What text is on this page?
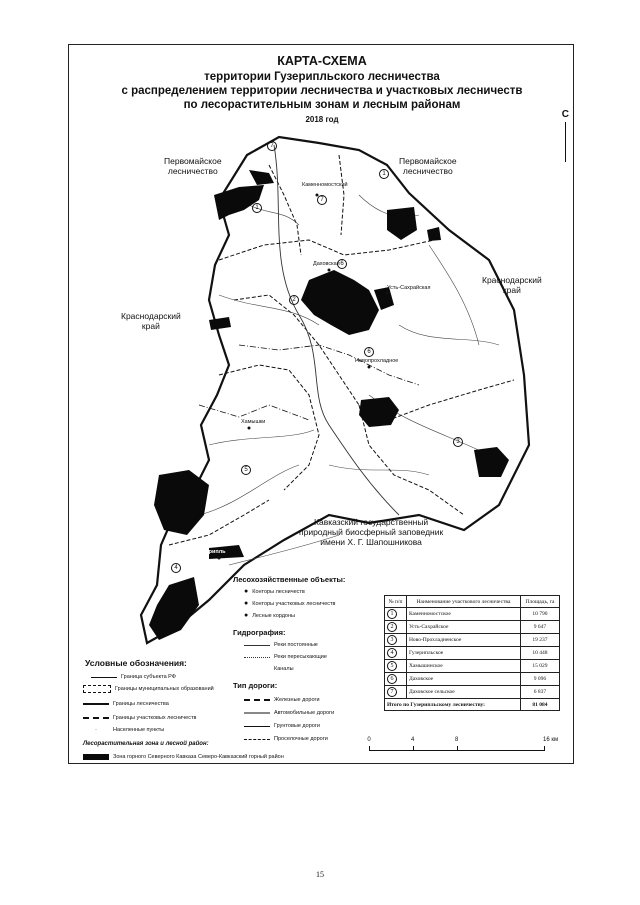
КАРТА-СХЕМА
территории Гузерипльского лесничества
с распределением территории лесничества и участковых лесничеств
по лесорастительным зонам и лесным районам
2018 год	С
Первомайское
лесничество
Первомайское
лесничество
Краснодарский
край
Краснодарский
край
Кавказский государственный
природный биосферный заповедник
имени Х. Г. Шапошникова
Каменномостский
Даховская
Усть-Сахрайская
Новопрохладное
Хамышки
Гузерипль
1
1
2
3
4
5
6
6
7
7
Условные обозначения:
Граница субъекта РФ
Границы муниципальных образований
Границы лесничества
Границы участковых лесничеств
·	Населенные пункты
Лесорастительная зона и лесной район:
Зона горного Северного Кавказа Северо-Кавказский горный район
Лесохозяйственные объекты:
● Конторы лесничеств
● Конторы участковых лесничеств
● Лесные кордоны
Гидрография:
Реки постоянные
Реки пересыхающие
Каналы
Тип дороги:
Железные дороги
Автомобильные дороги
Грунтовые дороги
Проселочные дороги
№ п/п	Наименование участкового лесничества	Площадь, га
1	Каменномостское	10 790
2	Усть-Сахрайское	9 647
3	Ново-Прохладненское	19 237
4	Гузерипльское	10 448
5	Хамышинское	15 029
6	Даховское	9 096
7	Даховское сельское	6 837
Итого по Гузерипльскому лесничеству:		81 084
0	4	8	16 км
15
